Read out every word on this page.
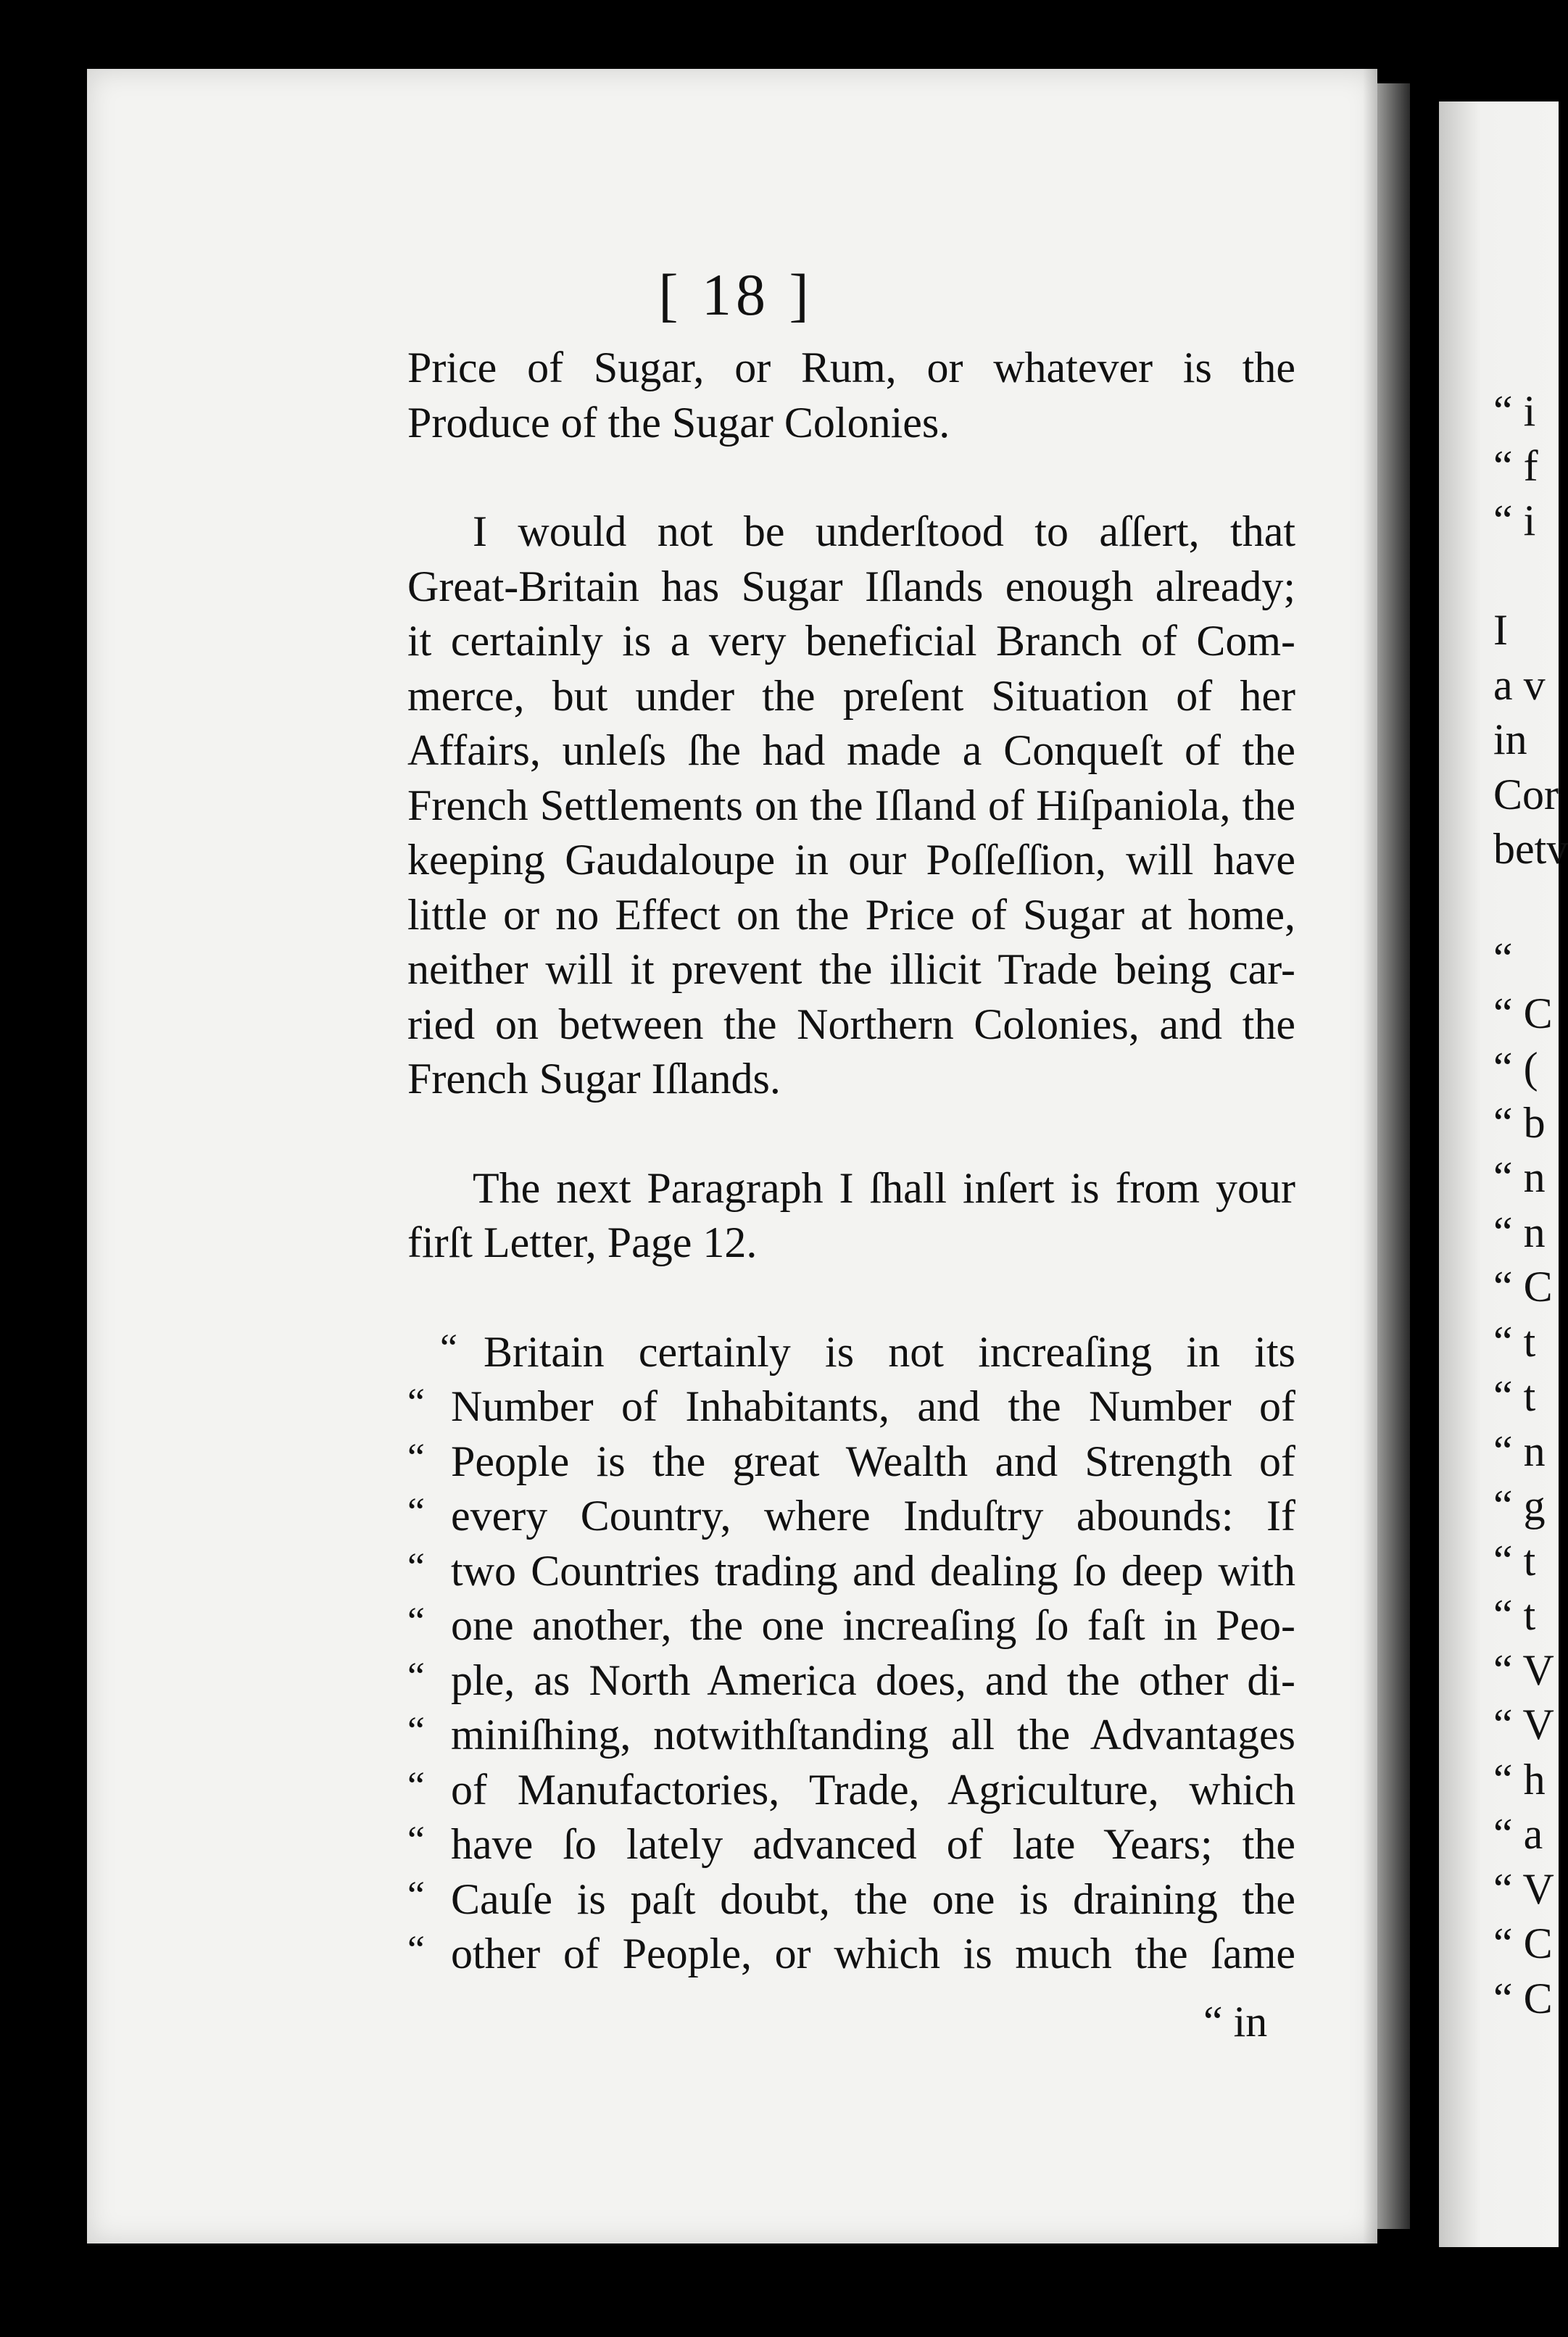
[ 18 ]
Price of Sugar, or Rum, or whatever is the
Produce of the Sugar Colonies.
I would not be underſtood to aſſert, that
Great-Britain has Sugar Iſlands enough already;
it certainly is a very beneficial Branch of Com-
merce, but under the preſent Situation of her
Affairs, unleſs ſhe had made a Conqueſt of the
French Settlements on the Iſland of Hiſpaniola, the
keeping Gaudaloupe in our Poſſeſſion, will have
little or no Effect on the Price of Sugar at home,
neither will it prevent the illicit Trade being car-
ried on between the Northern Colonies, and the
French Sugar Iſlands.
The next Paragraph I ſhall inſert is from your
firſt Letter, Page 12.
“ Britain certainly is not increaſing in its
“ Number of Inhabitants, and the Number of
“ People is the great Wealth and Strength of
“ every Country, where Induſtry abounds: If
“ two Countries trading and dealing ſo deep with
“ one another, the one increaſing ſo faſt in Peo-
“ ple, as North America does, and the other di-
“ miniſhing, notwithſtanding all the Advantages
“ of Manufactories, Trade, Agriculture, which
“ have ſo lately advanced of late Years; the
“ Cauſe is paſt doubt, the one is draining the
“ other of People, or which is much the ſame
“ in
“ i
“ f
“ i
I
a v
in
Cor
betv
“
“ C
“ (
“ b
“ n
“ n
“ C
“ t
“ t
“ n
“ g
“ t
“ t
“ V
“ V
“ h
“ a
“ V
“ C
“ C
